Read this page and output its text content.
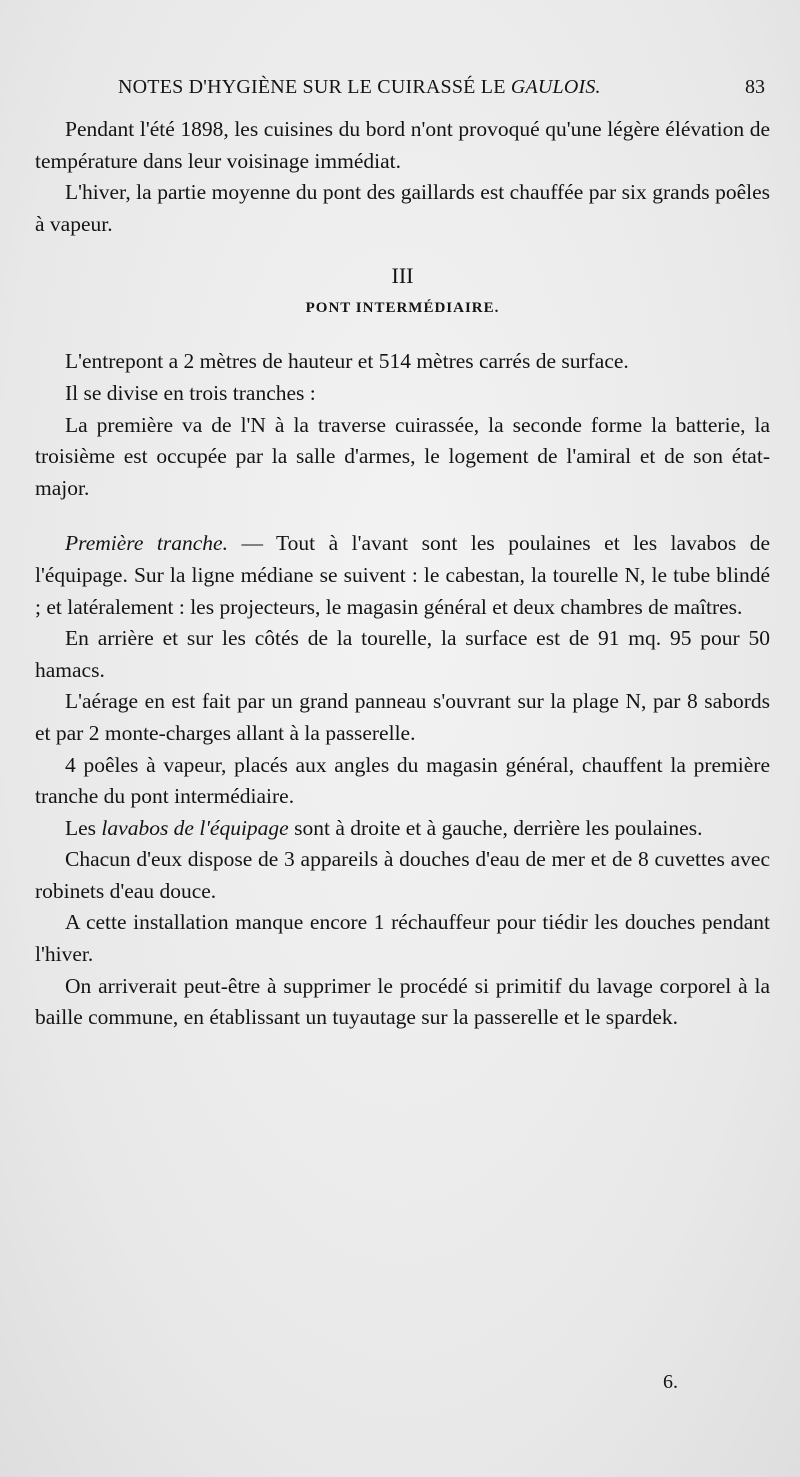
NOTES D'HYGIÈNE SUR LE CUIRASSÉ LE GAULOIS.	83

Pendant l'été 1898, les cuisines du bord n'ont provoqué qu'une légère élévation de température dans leur voisinage immédiat.

L'hiver, la partie moyenne du pont des gaillards est chauffée par six grands poêles à vapeur.

III

PONT INTERMÉDIAIRE.

L'entrepont a 2 mètres de hauteur et 514 mètres carrés de surface.

Il se divise en trois tranches :

La première va de l'N à la traverse cuirassée, la seconde forme la batterie, la troisième est occupée par la salle d'armes, le logement de l'amiral et de son état-major.

Première tranche. — Tout à l'avant sont les poulaines et les lavabos de l'équipage. Sur la ligne médiane se suivent : le cabestan, la tourelle N, le tube blindé ; et latéralement : les projecteurs, le magasin général et deux chambres de maîtres.

En arrière et sur les côtés de la tourelle, la surface est de 91 mq. 95 pour 50 hamacs.

L'aérage en est fait par un grand panneau s'ouvrant sur la plage N, par 8 sabords et par 2 monte-charges allant à la passerelle.

4 poêles à vapeur, placés aux angles du magasin général, chauffent la première tranche du pont intermédiaire.

Les lavabos de l'équipage sont à droite et à gauche, derrière les poulaines.

Chacun d'eux dispose de 3 appareils à douches d'eau de mer et de 8 cuvettes avec robinets d'eau douce.

A cette installation manque encore 1 réchauffeur pour tiédir les douches pendant l'hiver.

On arriverait peut-être à supprimer le procédé si primitif du lavage corporel à la baille commune, en établissant un tuyautage sur la passerelle et le spardek.

6.
